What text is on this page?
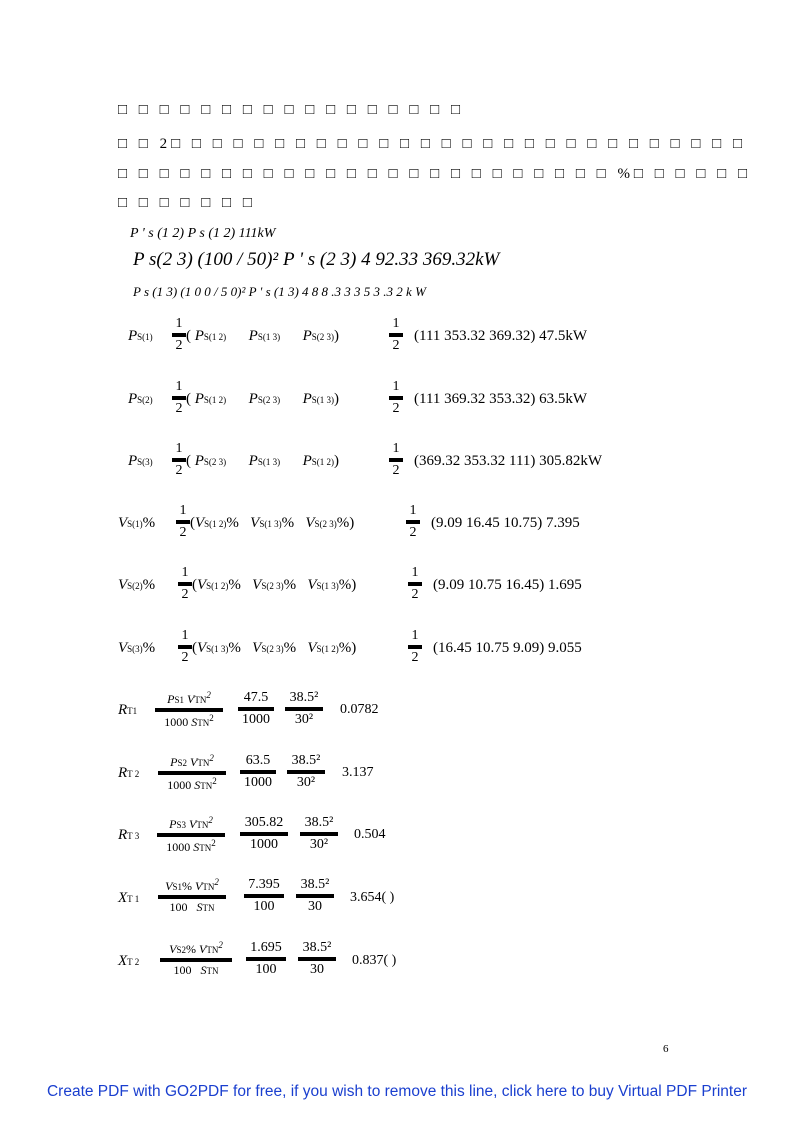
□ □ □ □ □ □ □ □ □ □ □ □ □ □ □ □ □
□ □ 2□ □ □ □ □ □ □ □ □ □ □ □ □ □ □ □ □ □ □ □ □ □ □ □ □ □ □ □
□ □ □ □ □ □ □ □ □ □ □ □ □ □ □ □ □ □ □ □ □ □ □ □ %□ □ □ □ □ □
□ □ □ □ □ □ □
P ' s (1 2) P s (1 2) 111kW
P s(2 3) (100 / 50)² P ' s (2 3) 4 92.33 369.32kW
P s (1 3) (1 0 0 / 5 0)² P ' s (1 3) 4 8 8 .3 3 3 5 3 .3 2 k W
PS(1)
1
2
( PS(1 2) PS(1 3) PS(2 3))
1
2
(111 353.32 369.32) 47.5kW
PS(2)
1
2
( PS(1 2) PS(2 3) PS(1 3))
1
2
(111 369.32 353.32) 63.5kW
PS(3)
1
2
( PS(2 3) PS(1 3) PS(1 2))
1
2
(369.32 353.32 111) 305.82kW
VS(1)%
1
2
(VS(1 2)%   VS(1 3)%   VS(2 3)%)
1
2
(9.09 16.45 10.75) 7.395
VS(2)%
1
2
(VS(1 2)%   VS(2 3)%   VS(1 3)%)
1
2
(9.09 10.75 16.45) 1.695
VS(3)%
1
2
(VS(1 3)%   VS(2 3)%   VS(1 2)%)
1
2
(16.45 10.75 9.09) 9.055
RT1
PS1 VTN$^2$
1000 STN$^2$
47.5
1000
38.5²
30²
0.0782
RT 2
PS2 VTN$^2$
1000 STN$^2$
63.5
1000
38.5²
30²
3.137
RT 3
PS3 VTN$^2$
1000 STN$^2$
305.82
1000
38.5²
30²
0.504
XT 1
VS1% VTN$^2$
100   STN
7.395
100
38.5²
30
3.654( )
XT 2
VS2% VTN$^2$
100   STN
1.695
100
38.5²
30
0.837( )
6
Create PDF with GO2PDF for free, if you wish to remove this line, click here to buy Virtual PDF Printer
